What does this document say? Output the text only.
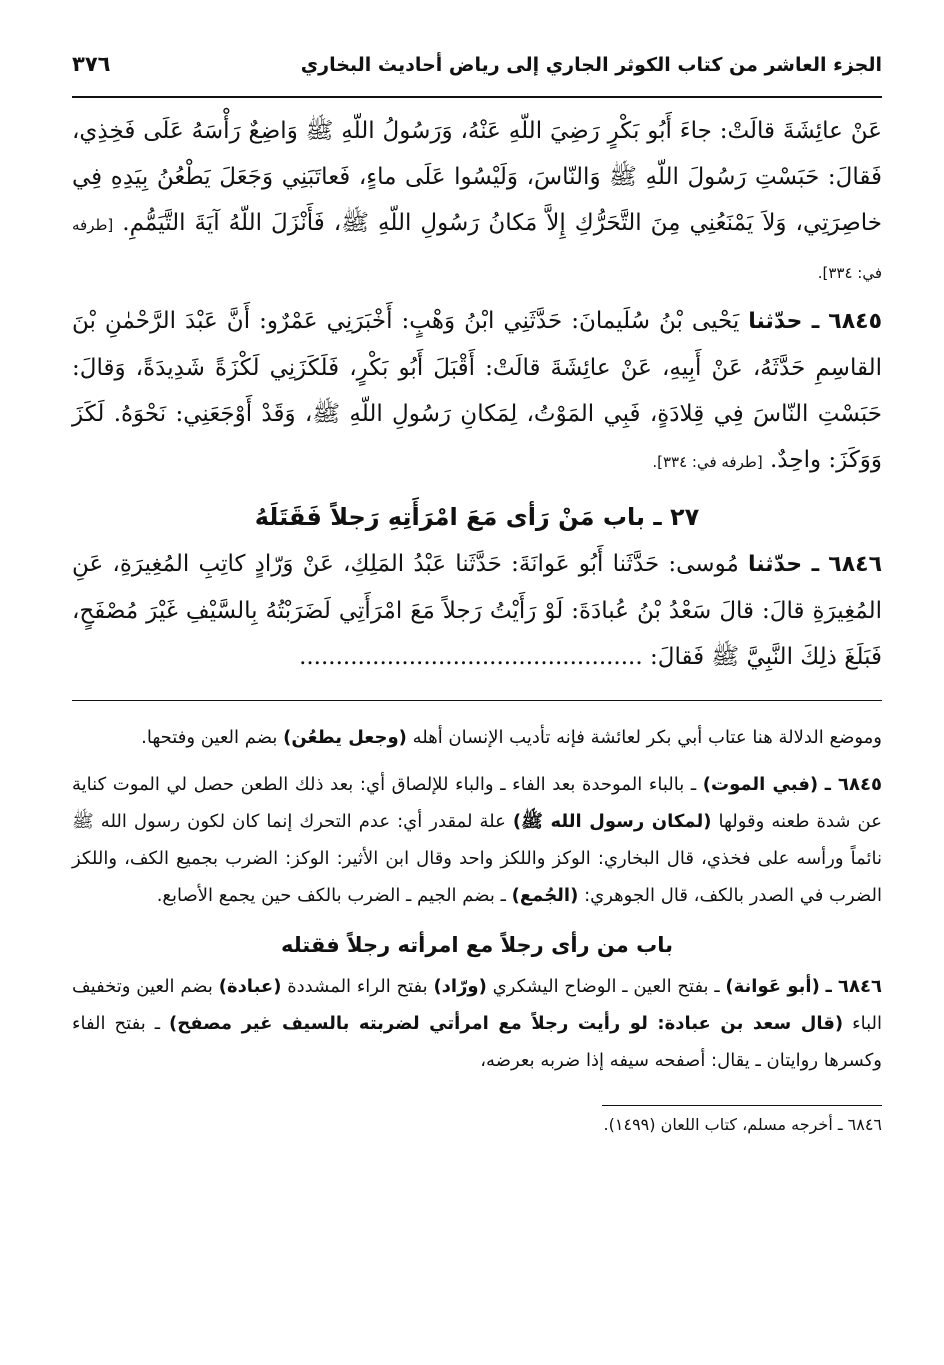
الجزء العاشر من كتاب الكوثر الجاري إلى رياض أحاديث البخاري
٣٧٦

عَنْ عائِشَةَ قالَتْ: جاءَ أَبُو بَكْرٍ رَضِيَ اللّهِ عَنْهُ، وَرَسُولُ اللّهِ ﷺ وَاضِعٌ رَأْسَهُ عَلَى فَخِذِي، فَقالَ: حَبَسْتِ رَسُولَ اللّهِ ﷺ وَالنّاسَ، وَلَيْسُوا عَلَى ماءٍ، فَعاتَبَنِي وَجَعَلَ يَطْعُنُ بِيَدِهِ فِي خاصِرَتِي، وَلاَ يَمْنَعُنِي مِنَ التَّحَرُّكِ إِلاَّ مَكانُ رَسُولِ اللّهِ ﷺ، فَأَنْزَلَ اللّهُ آيَةَ التَّيَمُّمِ. [طرفه في: ٣٣٤].

٦٨٤٥ ـ حدّثنا يَحْيى بْنُ سُلَيمانَ: حَدَّثَنِي ابْنُ وَهْبٍ: أَخْبَرَنِي عَمْرٌو: أَنَّ عَبْدَ الرَّحْمٰنِ بْنَ القاسِمِ حَدَّثَهُ، عَنْ أَبِيهِ، عَنْ عائِشَةَ قالَتْ: أَقْبَلَ أَبُو بَكْرٍ، فَلَكَزَنِي لَكْزَةً شَدِيدَةً، وَقالَ: حَبَسْتِ النّاسَ فِي قِلادَةٍ، فَبِي المَوْتُ، لِمَكانِ رَسُولِ اللّهِ ﷺ، وَقَدْ أَوْجَعَنِي: نَحْوَهُ. لَكَزَ وَوَكَزَ: واحِدٌ. [طرفه في: ٣٣٤].

٢٧ ـ باب مَنْ رَأى مَعَ امْرَأَتِهِ رَجلاً فَقَتَلَهُ

٦٨٤٦ ـ حدّثنا مُوسى: حَدَّثَنا أَبُو عَوانَةَ: حَدَّثَنا عَبْدُ المَلِكِ، عَنْ وَرّادٍ كاتِبِ المُغِيرَةِ، عَنِ المُغِيرَةِ قالَ: قالَ سَعْدُ بْنُ عُبادَةَ: لَوْ رَأَيْتُ رَجلاً مَعَ امْرَأَتِي لَضَرَبْتُهُ بِالسَّيْفِ غَيْرَ مُصْفَحٍ، فَبَلَغَ ذلِكَ النَّبِيَّ ﷺ فَقالَ: ...............................................

وموضع الدلالة هنا عتاب أبي بكر لعائشة فإنه تأديب الإنسان أهله (وجعل يطعُن) بضم العين وفتحها.

٦٨٤٥ ـ (فبي الموت) ـ بالباء الموحدة بعد الفاء ـ والباء للإلصاق أي: بعد ذلك الطعن حصل لي الموت كناية عن شدة طعنه وقولها (لمكان رسول الله ﷺ) علة لمقدر أي: عدم التحرك إنما كان لكون رسول الله ﷺ نائماً ورأسه على فخذي، قال البخاري: الوكز واللكز واحد وقال ابن الأثير: الوكز: الضرب بجميع الكف، واللكز الضرب في الصدر بالكف، قال الجوهري: (الجُمع) ـ بضم الجيم ـ الضرب بالكف حين يجمع الأصابع.

باب من رأى رجلاً مع امرأته رجلاً فقتله

٦٨٤٦ ـ (أبو عَوانة) ـ بفتح العين ـ الوضاح اليشكري (ورّاد) بفتح الراء المشددة (عبادة) بضم العين وتخفيف الباء (قال سعد بن عبادة: لو رأيت رجلاً مع امرأتي لضربته بالسيف غير مصفح) ـ بفتح الفاء وكسرها روايتان ـ يقال: أصفحه سيفه إذا ضربه بعرضه،

٦٨٤٦ ـ أخرجه مسلم، كتاب اللعان (١٤٩٩).
